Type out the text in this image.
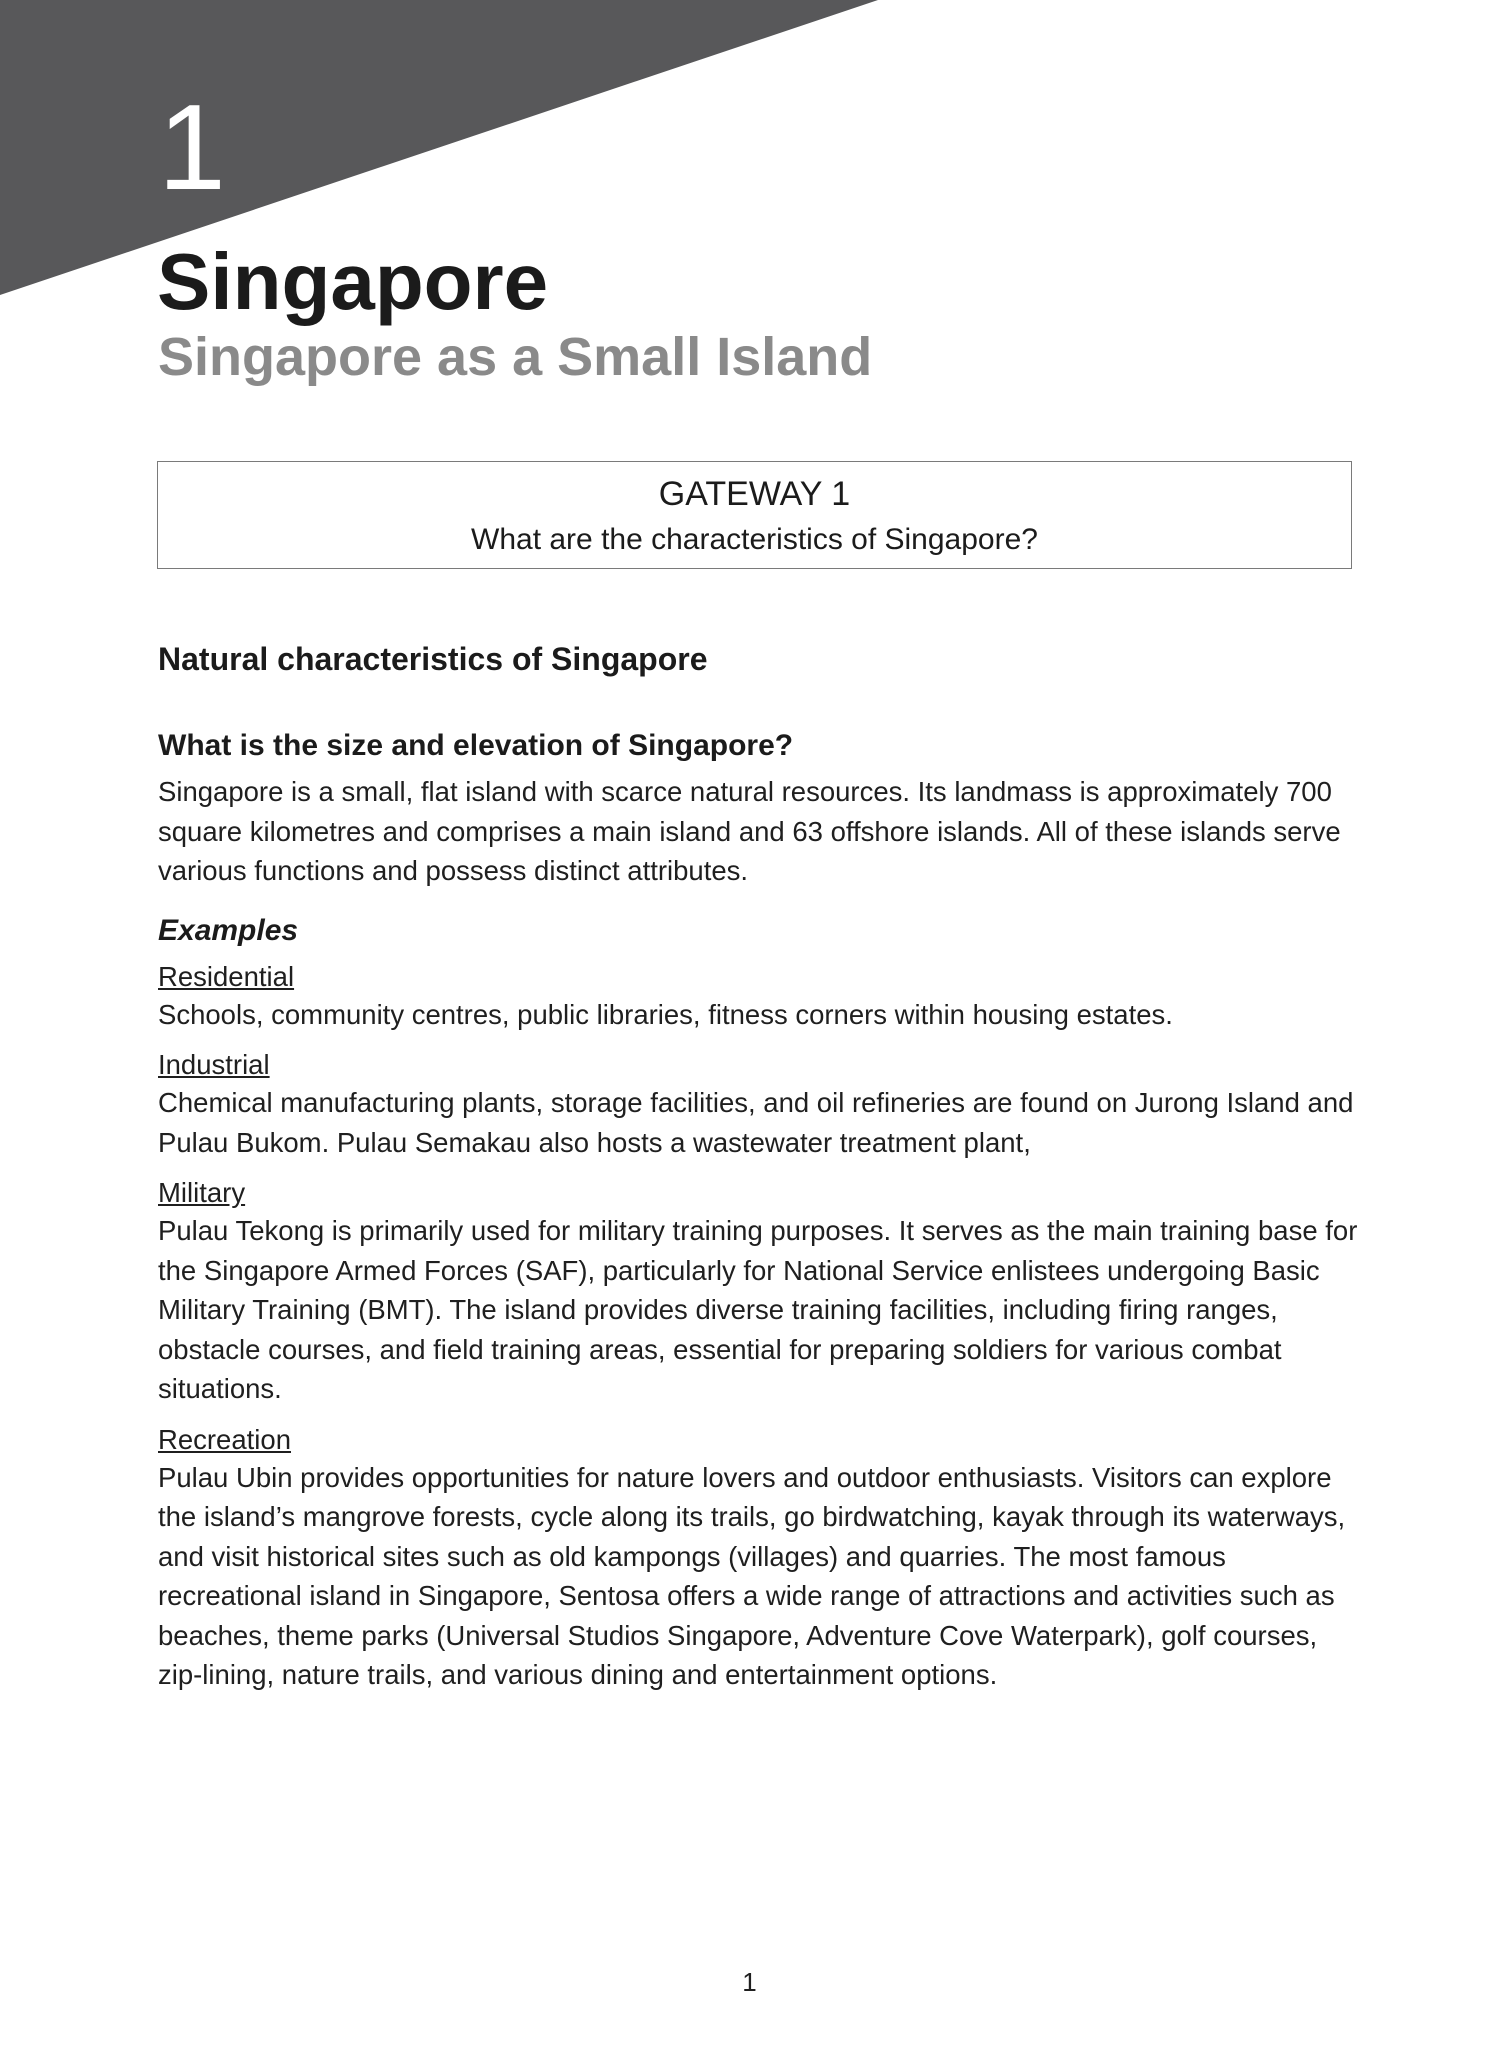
1
Singapore
Singapore as a Small Island
GATEWAY 1
What are the characteristics of Singapore?
Natural characteristics of Singapore
What is the size and elevation of Singapore?

Singapore is a small, flat island with scarce natural resources. Its landmass is approximately 700 square kilometres and comprises a main island and 63 offshore islands. All of these islands serve various functions and possess distinct attributes.

Examples

Residential

Schools, community centres, public libraries, fitness corners within housing estates.

Industrial

Chemical manufacturing plants, storage facilities, and oil refineries are found on Jurong Island and Pulau Bukom. Pulau Semakau also hosts a wastewater treatment plant,

Military

Pulau Tekong is primarily used for military training purposes. It serves as the main training base for the Singapore Armed Forces (SAF), particularly for National Service enlistees undergoing Basic Military Training (BMT). The island provides diverse training facilities, including firing ranges, obstacle courses, and field training areas, essential for preparing soldiers for various combat situations.

Recreation

Pulau Ubin provides opportunities for nature lovers and outdoor enthusiasts. Visitors can explore the island’s mangrove forests, cycle along its trails, go birdwatching, kayak through its waterways, and visit historical sites such as old kampongs (villages) and quarries. The most famous recreational island in Singapore, Sentosa offers a wide range of attractions and activities such as beaches, theme parks (Universal Studios Singapore, Adventure Cove Waterpark), golf courses, zip-lining, nature trails, and various dining and entertainment options.

1
